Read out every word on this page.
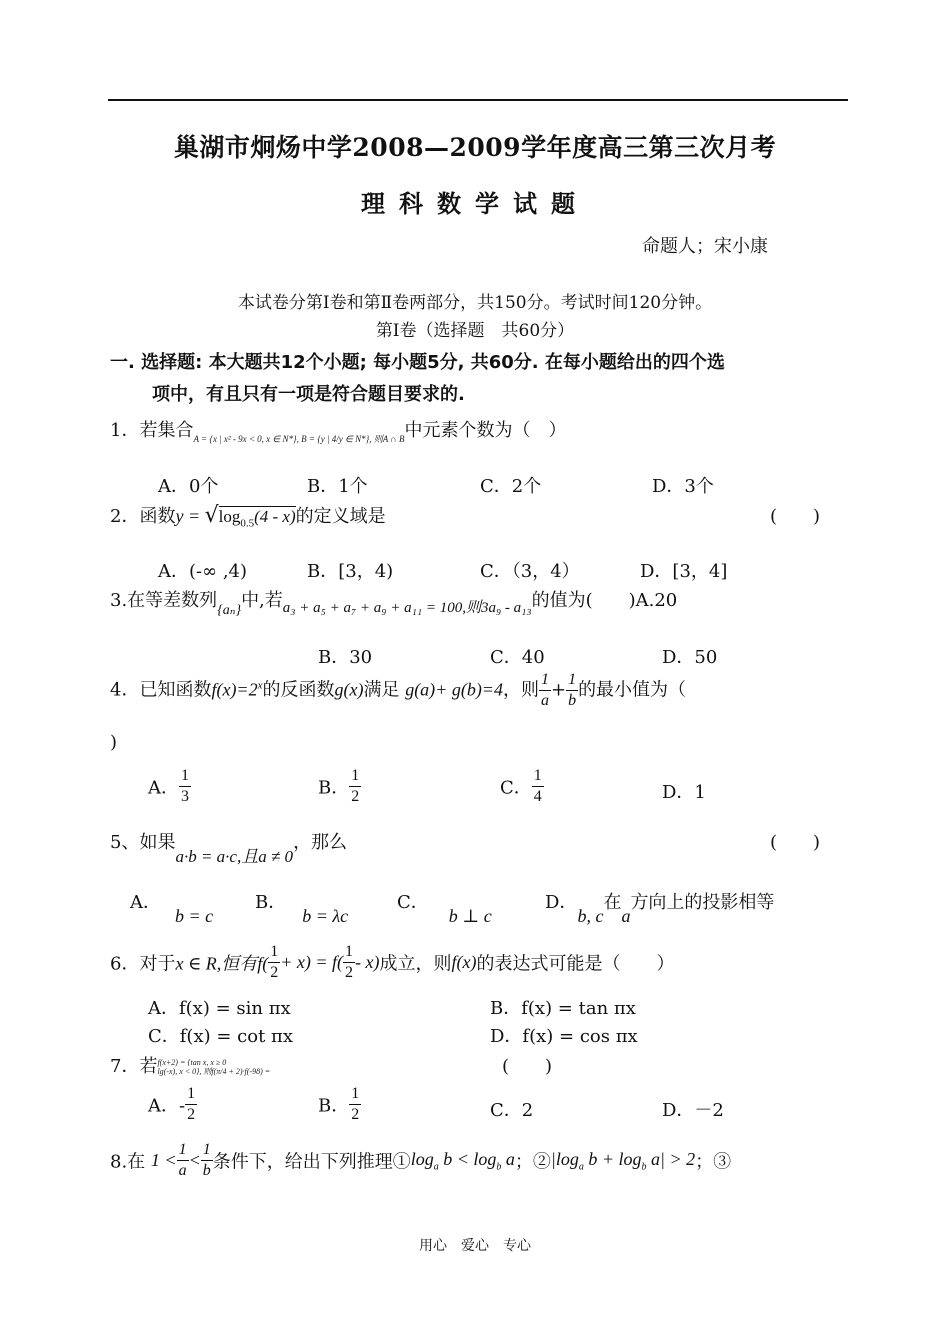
巢湖市炯炀中学2008—2009学年度高三第三次月考
理科数学试题
命题人；宋小康
本试卷分第Ⅰ卷和第Ⅱ卷两部分，共150分。考试时间120分钟。
第Ⅰ卷（选择题　共60分）
一. 选择题: 本大题共12个小题; 每小题5分, 共60分. 在每小题给出的四个选
项中，有且只有一项是符合题目要求的.
1．若集合$_{A = \{x | x^2 - 9x < 0, x \in N*\}, B = \{y | 4/y \in N*\}, 则A \cap B}$中元素个数为（　）
A．0个	B．1个	C．2个	D．3个
2．函数$y = √\log_{0.5}(4 - x)$的定义域是	(　　)
A．(-∞ ,4)	B．[3，4)	C．（3，4）	D．[3，4]
3.在等差数列$_{\{a_n\}}$中,若$_{a_3 + a_5 + a_7 + a_9 + a_{11} = 100,则3a_9 - a_{13}}$的值为(　　)A.20
B．30	C．40	D．50
4．已知函数$f(x)=2^x$的反函数g(x)满足 g(a)+ g(b)=4，则 $\frac{1}{a} + \frac{1}{b}$ 的最小值为（
)
A． $\frac{1}{3}$	B． $\frac{1}{2}$	C． $\frac{1}{4}$	D．1
5、如果a·b = a·c,且a ≠ 0，那么	(　　)
A．b = c
B．b = λc
C．b ⊥ c
D．b, c在a方向上的投影相等
6．对于x ∈ R,恒有$f( \frac{1}{2} + x) = f( \frac{1}{2} - x)$成立，则f(x)的表达式可能是（　　）
A．f(x) = sin πx	B．f(x) = tan πx
C．f(x) = cot πx	D．f(x) = cos πx
7．若 f(x+2) = {tan x, x ≥ 0
lg(-x), x < 0}, 则f(π/4 + 2)·f(-98) =	(　　)
A．- $\frac{1}{2}$	B． $\frac{1}{2}$	C．2	D．－2
8.在 $1 < \frac{1}{a} < \frac{1}{b}$ 条件下，给出下列推理$①\log_a$ $b < \log_b a$；$②|\log_a$ $b + \log_b a| > 2$；③
用心　爱心　专心
